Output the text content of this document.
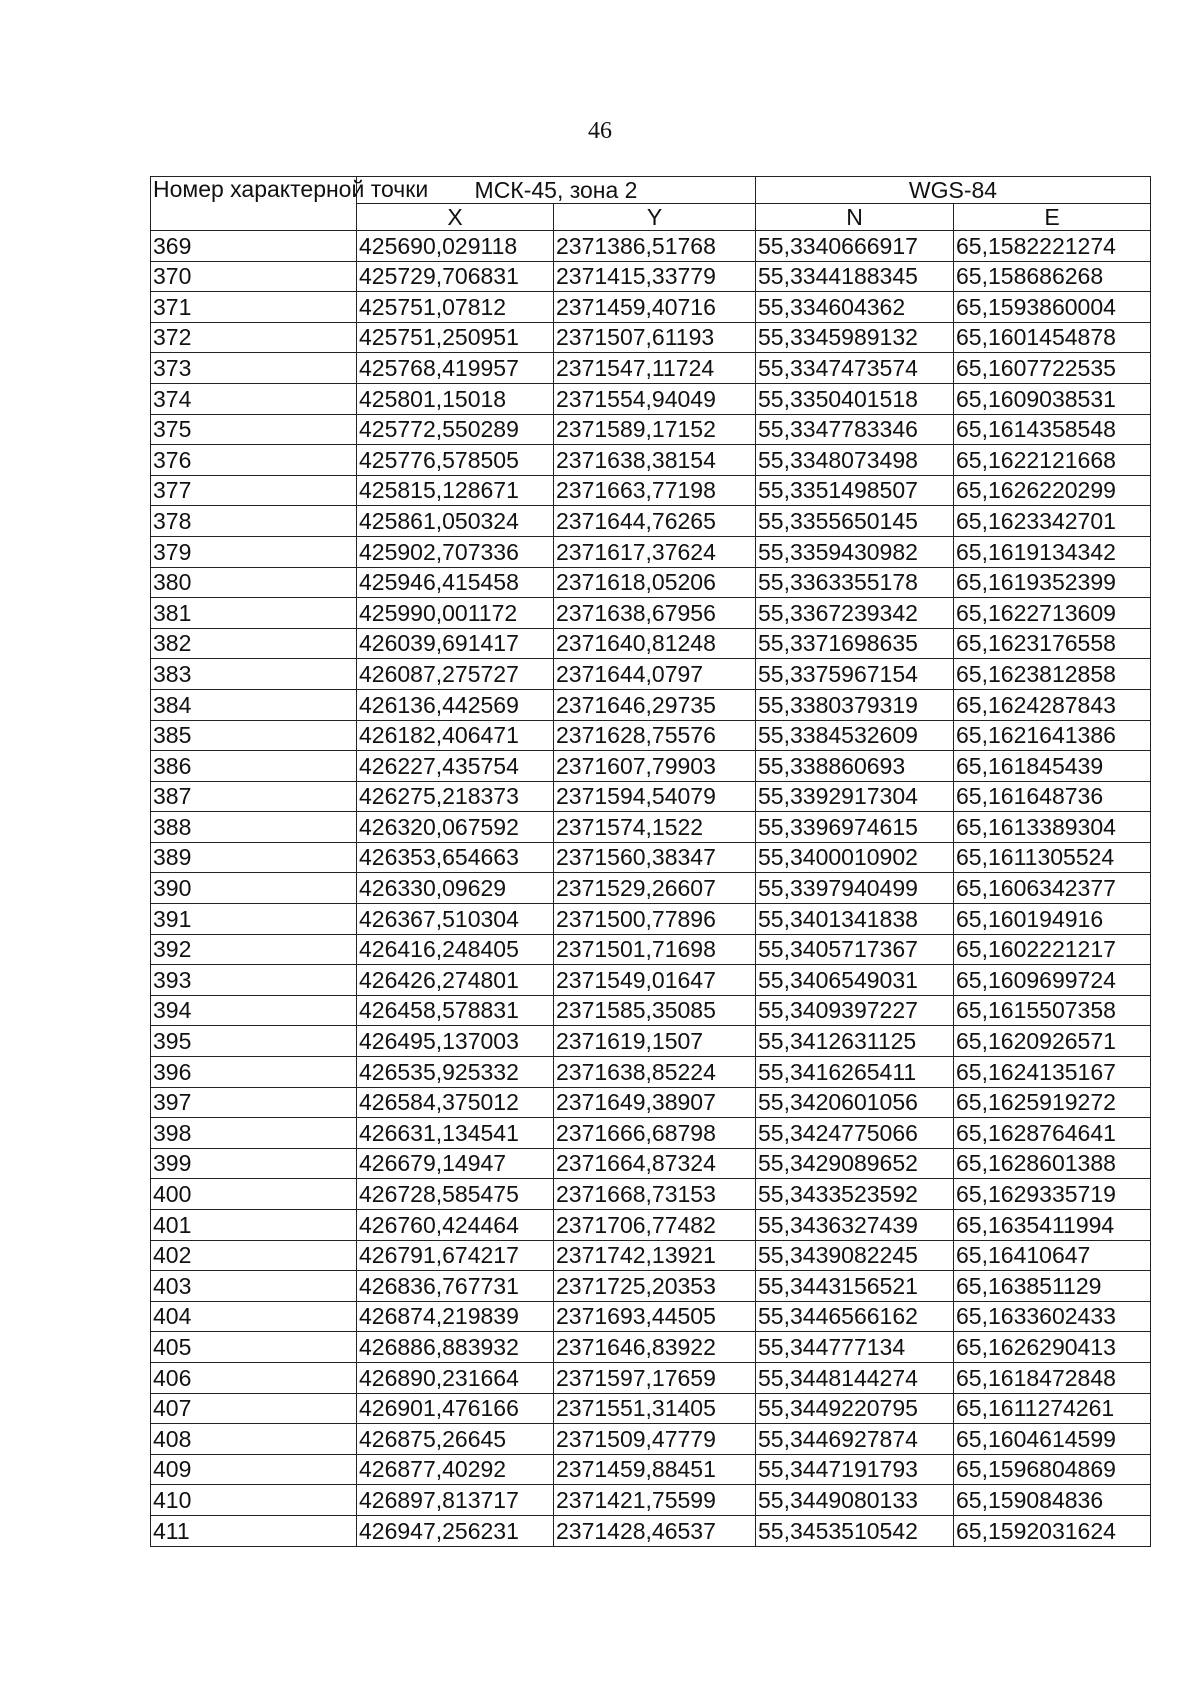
46
Номер характерной точки	МСК-45, зона 2		WGS-84	
	X	Y	N	E
369	425690,029118	2371386,51768	55,3340666917	65,1582221274
370	425729,706831	2371415,33779	55,3344188345	65,158686268
371	425751,07812	2371459,40716	55,334604362	65,1593860004
372	425751,250951	2371507,61193	55,3345989132	65,1601454878
373	425768,419957	2371547,11724	55,3347473574	65,1607722535
374	425801,15018	2371554,94049	55,3350401518	65,1609038531
375	425772,550289	2371589,17152	55,3347783346	65,1614358548
376	425776,578505	2371638,38154	55,3348073498	65,1622121668
377	425815,128671	2371663,77198	55,3351498507	65,1626220299
378	425861,050324	2371644,76265	55,3355650145	65,1623342701
379	425902,707336	2371617,37624	55,3359430982	65,1619134342
380	425946,415458	2371618,05206	55,3363355178	65,1619352399
381	425990,001172	2371638,67956	55,3367239342	65,1622713609
382	426039,691417	2371640,81248	55,3371698635	65,1623176558
383	426087,275727	2371644,0797	55,3375967154	65,1623812858
384	426136,442569	2371646,29735	55,3380379319	65,1624287843
385	426182,406471	2371628,75576	55,3384532609	65,1621641386
386	426227,435754	2371607,79903	55,338860693	65,161845439
387	426275,218373	2371594,54079	55,3392917304	65,161648736
388	426320,067592	2371574,1522	55,3396974615	65,1613389304
389	426353,654663	2371560,38347	55,3400010902	65,1611305524
390	426330,09629	2371529,26607	55,3397940499	65,1606342377
391	426367,510304	2371500,77896	55,3401341838	65,160194916
392	426416,248405	2371501,71698	55,3405717367	65,1602221217
393	426426,274801	2371549,01647	55,3406549031	65,1609699724
394	426458,578831	2371585,35085	55,3409397227	65,1615507358
395	426495,137003	2371619,1507	55,3412631125	65,1620926571
396	426535,925332	2371638,85224	55,3416265411	65,1624135167
397	426584,375012	2371649,38907	55,3420601056	65,1625919272
398	426631,134541	2371666,68798	55,3424775066	65,1628764641
399	426679,14947	2371664,87324	55,3429089652	65,1628601388
400	426728,585475	2371668,73153	55,3433523592	65,1629335719
401	426760,424464	2371706,77482	55,3436327439	65,1635411994
402	426791,674217	2371742,13921	55,3439082245	65,16410647
403	426836,767731	2371725,20353	55,3443156521	65,163851129
404	426874,219839	2371693,44505	55,3446566162	65,1633602433
405	426886,883932	2371646,83922	55,344777134	65,1626290413
406	426890,231664	2371597,17659	55,3448144274	65,1618472848
407	426901,476166	2371551,31405	55,3449220795	65,1611274261
408	426875,26645	2371509,47779	55,3446927874	65,1604614599
409	426877,40292	2371459,88451	55,3447191793	65,1596804869
410	426897,813717	2371421,75599	55,3449080133	65,159084836
411	426947,256231	2371428,46537	55,3453510542	65,1592031624
